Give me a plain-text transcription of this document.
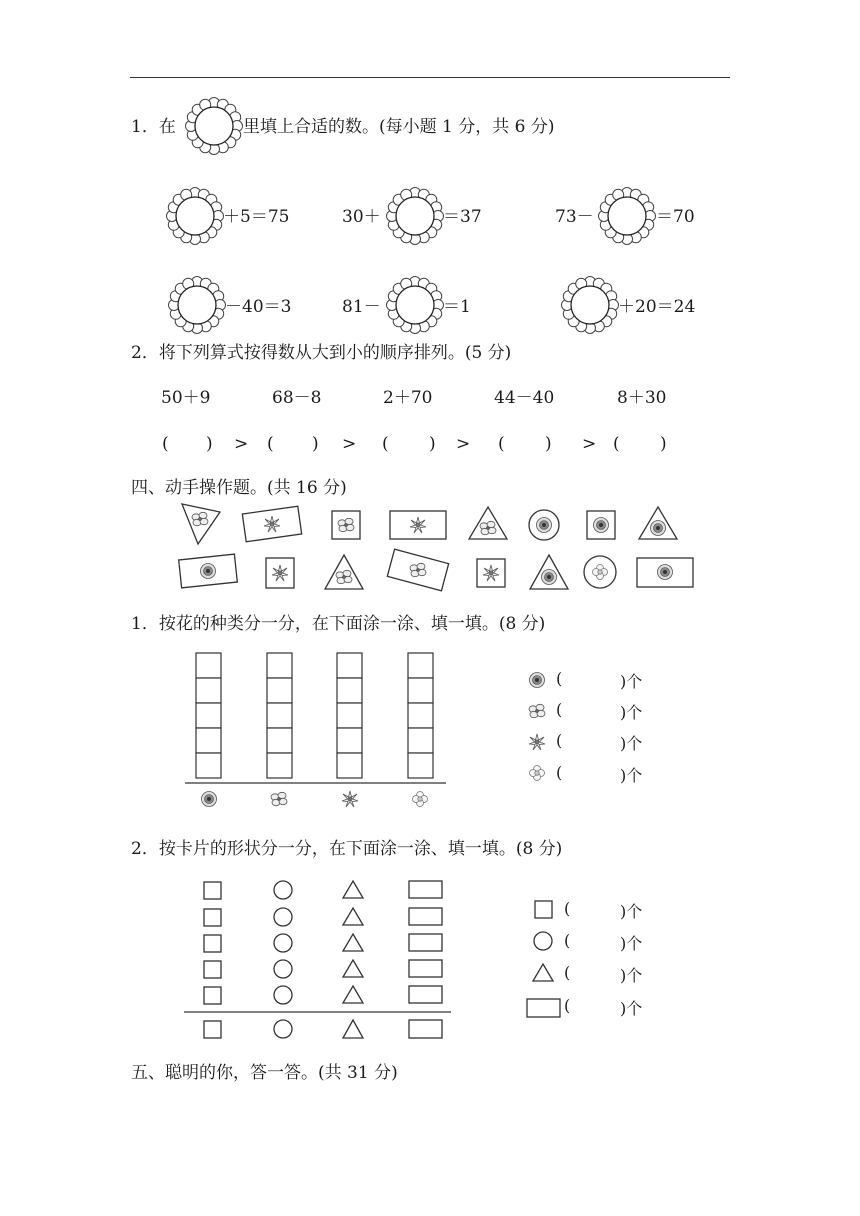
1．在	里填上合适的数。(每小题 1 分，共 6 分)
＋5＝75	30＋	＝37	73－	＝70
－40＝3	81－	＝1	＋20＝24
2．将下列算式按得数从大到小的顺序排列。(5 分)
50＋9	68－8	2＋70	44－40	8＋30
( ) > ( ) > ( ) > ( ) > ( )
四、动手操作题。(共 16 分)
1．按花的种类分一分，在下面涂一涂、填一填。(8 分)
(	)个
(	)个
(	)个
(	)个
2．按卡片的形状分一分，在下面涂一涂、填一填。(8 分)
(	)个
(	)个
(	)个
(	)个
五、聪明的你，答一答。(共 31 分)
